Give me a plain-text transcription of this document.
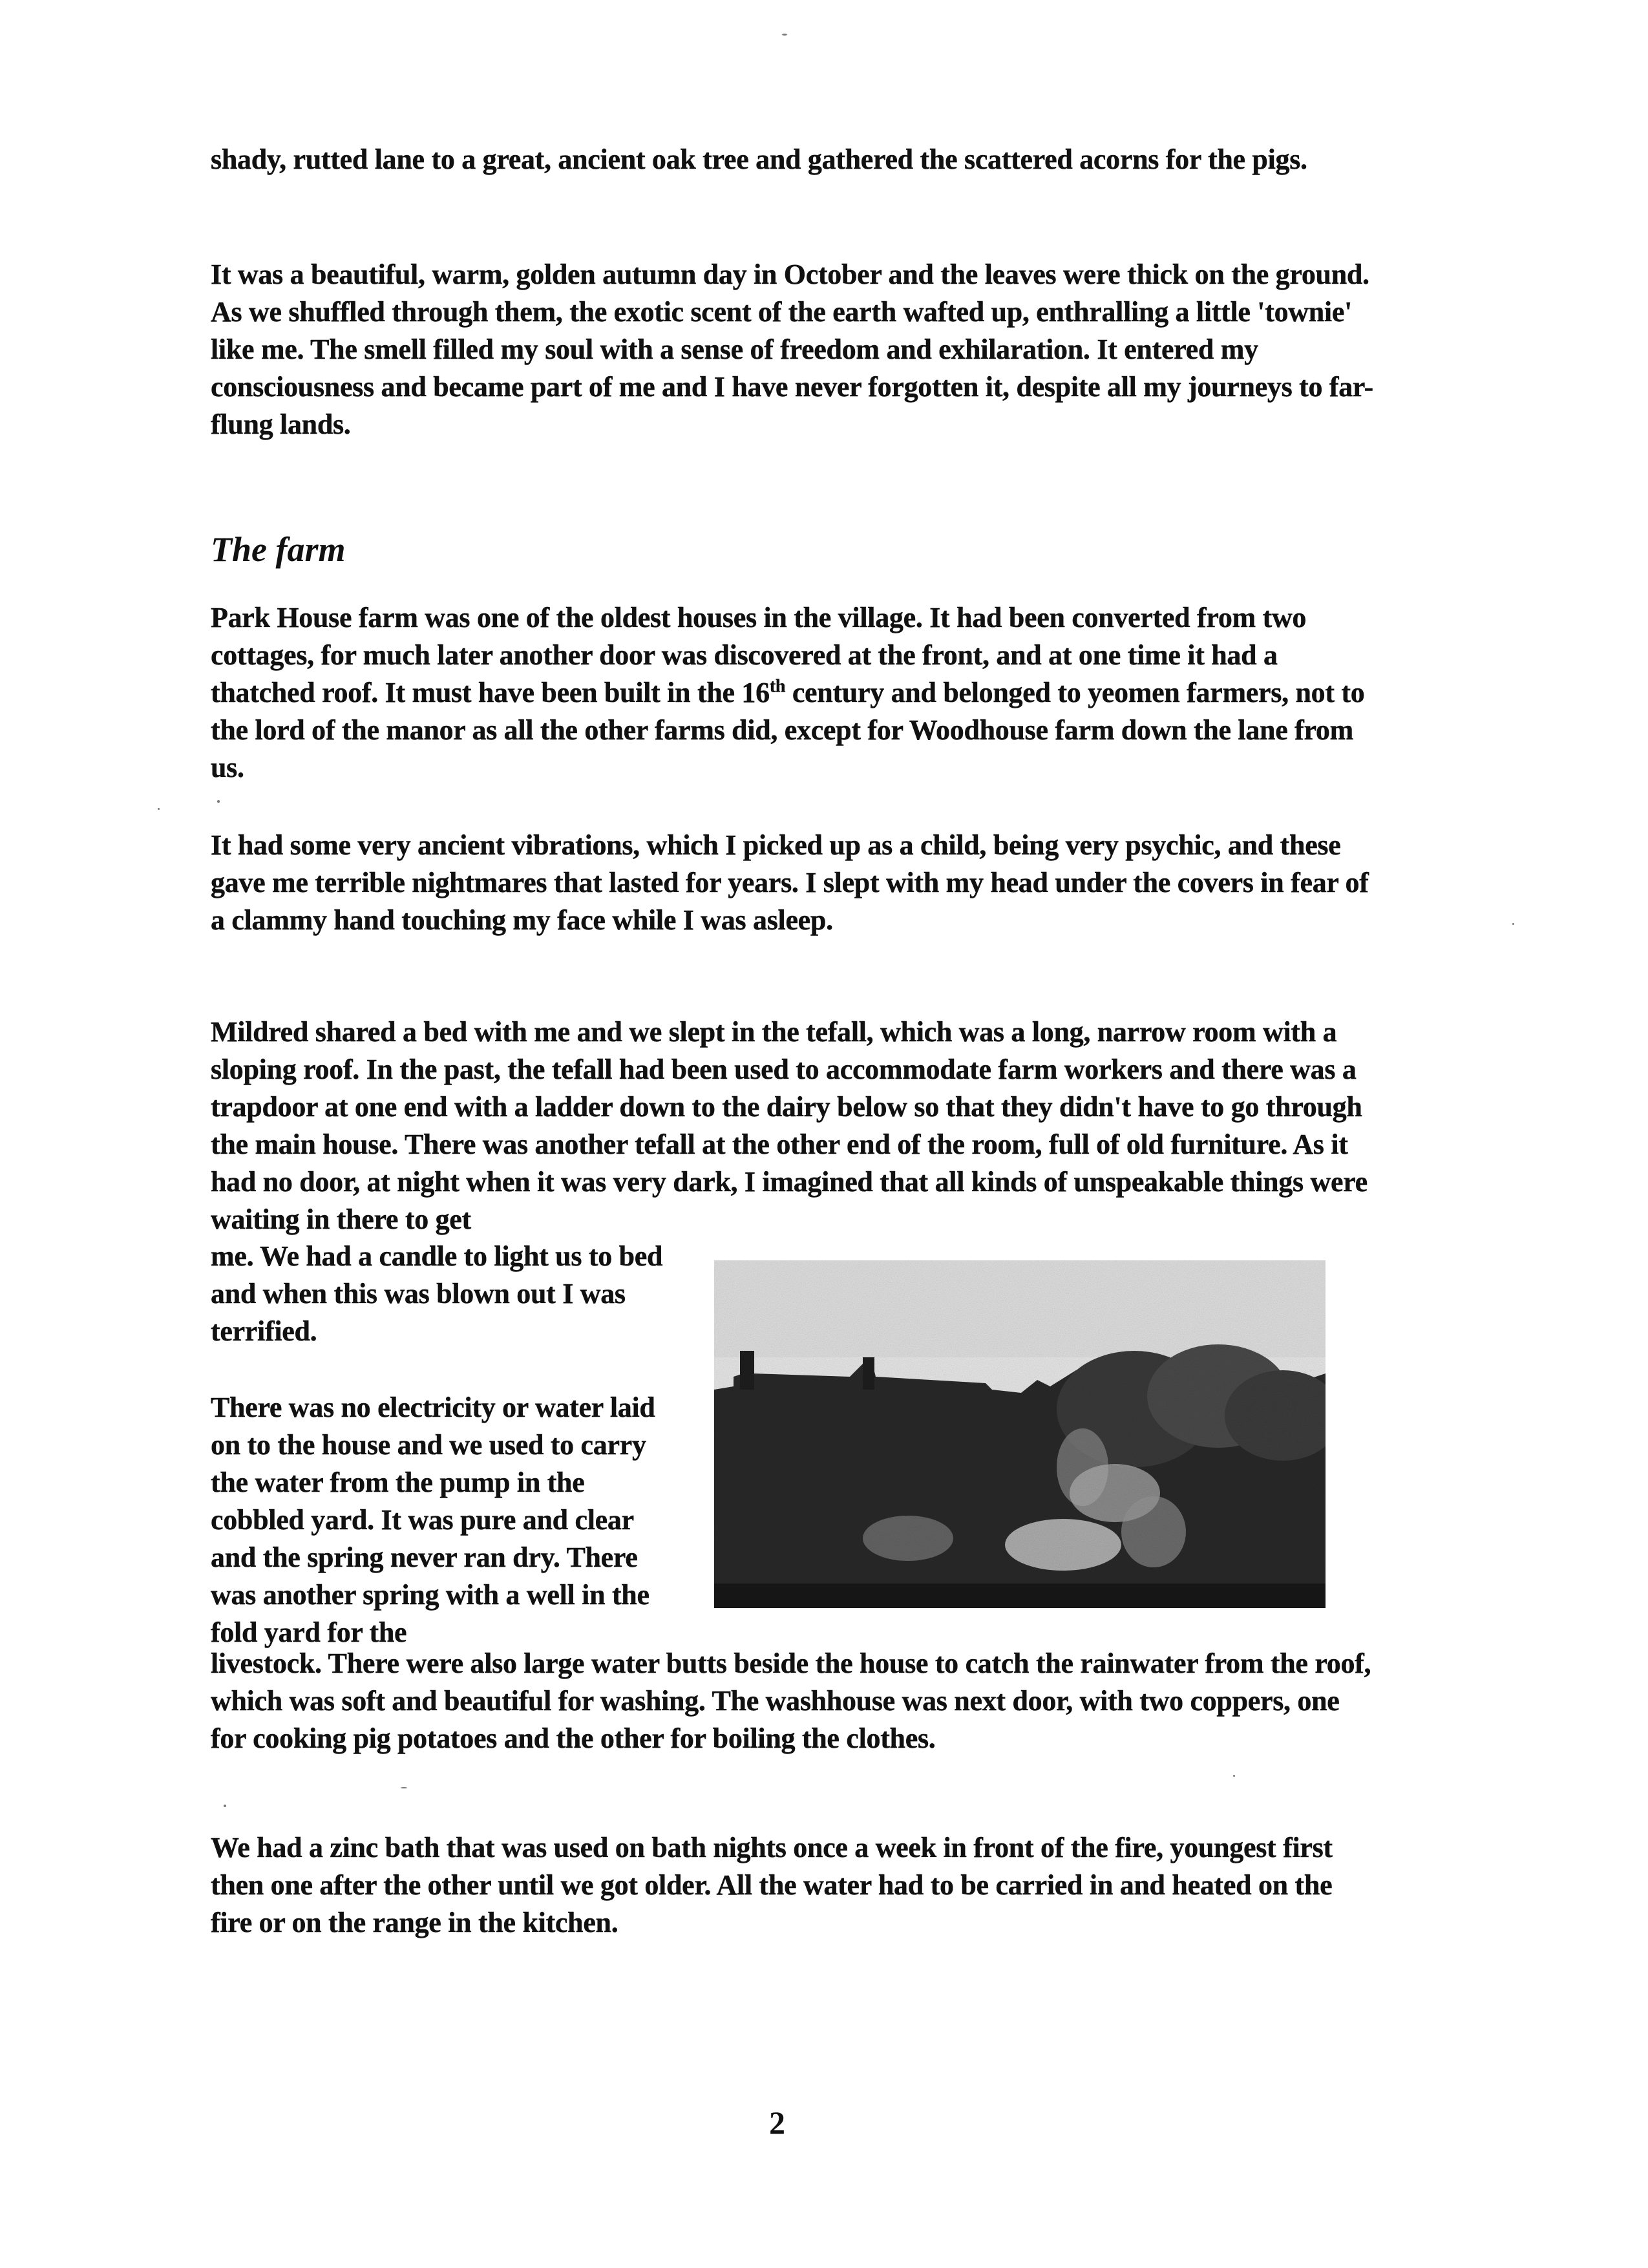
shady, rutted lane to a great, ancient oak tree and gathered the scattered acorns for the pigs.
It was a beautiful, warm, golden autumn day in October and the leaves were thick on the ground. As we shuffled through them, the exotic scent of the earth wafted up, enthralling a little 'townie' like me. The smell filled my soul with a sense of freedom and exhilaration. It entered my consciousness and became part of me and I have never forgotten it, despite all my journeys to far-flung lands.
The farm
Park House farm was one of the oldest houses in the village. It had been converted from two cottages, for much later another door was discovered at the front, and at one time it had a thatched roof. It must have been built in the 16th century and belonged to yeomen farmers, not to the lord of the manor as all the other farms did, except for Woodhouse farm down the lane from us.
It had some very ancient vibrations, which I picked up as a child, being very psychic, and these gave me terrible nightmares that lasted for years. I slept with my head under the covers in fear of a clammy hand touching my face while I was asleep.
Mildred shared a bed with me and we slept in the tefall, which was a long, narrow room with a sloping roof. In the past, the tefall had been used to accommodate farm workers and there was a trapdoor at one end with a ladder down to the dairy below so that they didn't have to go through the main house. There was another tefall at the other end of the room, full of old furniture. As it had no door, at night when it was very dark, I imagined that all kinds of unspeakable things were waiting in there to get
me. We had a candle to light us to bed and when this was blown out I was terrified.
There was no electricity or water laid on to the house and we used to carry the water from the pump in the cobbled yard. It was pure and clear and the spring never ran dry. There was another spring with a well in the fold yard for the
livestock. There were also large water butts beside the house to catch the rainwater from the roof, which was soft and beautiful for washing. The washhouse was next door, with two coppers, one for cooking pig potatoes and the other for boiling the clothes.
We had a zinc bath that was used on bath nights once a week in front of the fire, youngest first then one after the other until we got older. All the water had to be carried in and heated on the fire or on the range in the kitchen.
2
